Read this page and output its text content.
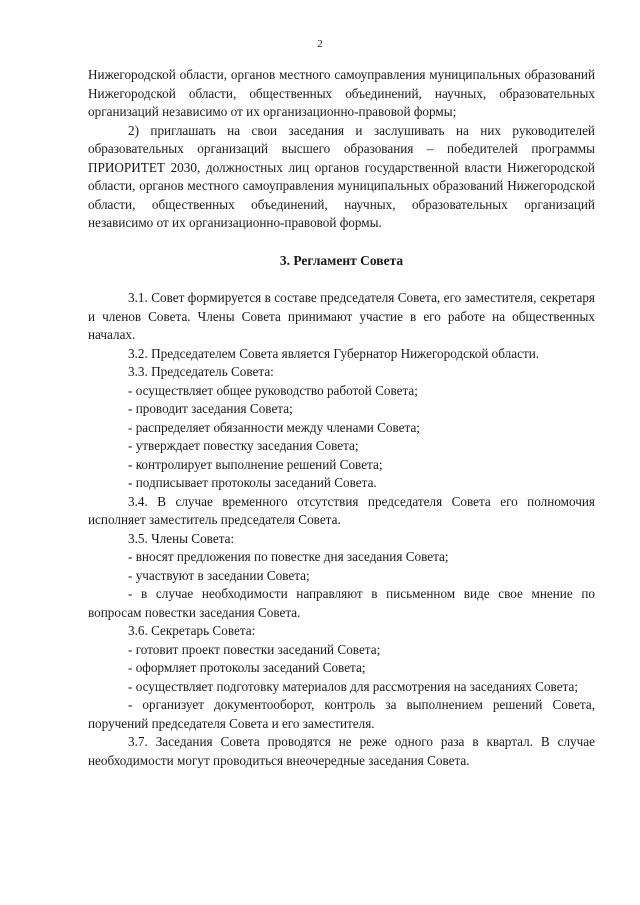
2

Нижегородской области, органов местного самоуправления муниципальных образований Нижегородской области, общественных объединений, научных, образовательных организаций независимо от их организационно-правовой формы;

2) приглашать на свои заседания и заслушивать на них руководителей образовательных организаций высшего образования – победителей программы ПРИОРИТЕТ 2030, должностных лиц органов государственной власти Нижегородской области, органов местного самоуправления муниципальных образований Нижегородской области, общественных объединений, научных, образовательных организаций независимо от их организационно-правовой формы.

3. Регламент Совета

3.1. Совет формируется в составе председателя Совета, его заместителя, секретаря и членов Совета. Члены Совета принимают участие в его работе на общественных началах.

3.2. Председателем Совета является Губернатор Нижегородской области.

3.3. Председатель Совета:

- осуществляет общее руководство работой Совета;

- проводит заседания Совета;

- распределяет обязанности между членами Совета;

- утверждает повестку заседания Совета;

- контролирует выполнение решений Совета;

- подписывает протоколы заседаний Совета.

3.4. В случае временного отсутствия председателя Совета его полномочия исполняет заместитель председателя Совета.

3.5. Члены Совета:

- вносят предложения по повестке дня заседания Совета;

- участвуют в заседании Совета;

- в случае необходимости направляют в письменном виде свое мнение по вопросам повестки заседания Совета.

3.6. Секретарь Совета:

- готовит проект повестки заседаний Совета;

- оформляет протоколы заседаний Совета;

- осуществляет подготовку материалов для рассмотрения на заседаниях Совета;

- организует документооборот, контроль за выполнением решений Совета, поручений председателя Совета и его заместителя.

3.7. Заседания Совета проводятся не реже одного раза в квартал. В случае необходимости могут проводиться внеочередные заседания Совета.
